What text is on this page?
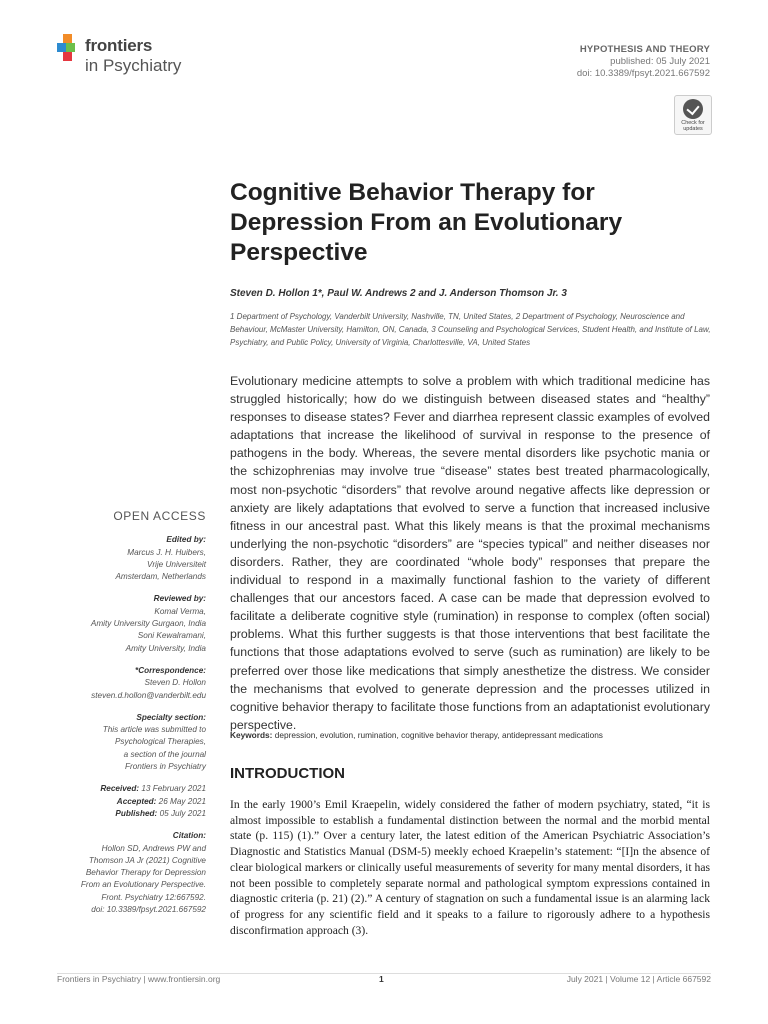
frontiers
in Psychiatry
HYPOTHESIS AND THEORY
published: 05 July 2021
doi: 10.3389/fpsyt.2021.667592
Check for updates
Cognitive Behavior Therapy for Depression From an Evolutionary Perspective
Steven D. Hollon 1*, Paul W. Andrews 2 and J. Anderson Thomson Jr. 3
1 Department of Psychology, Vanderbilt University, Nashville, TN, United States, 2 Department of Psychology, Neuroscience and Behaviour, McMaster University, Hamilton, ON, Canada, 3 Counseling and Psychological Services, Student Health, and Institute of Law, Psychiatry, and Public Policy, University of Virginia, Charlottesville, VA, United States
Evolutionary medicine attempts to solve a problem with which traditional medicine has struggled historically; how do we distinguish between diseased states and “healthy” responses to disease states? Fever and diarrhea represent classic examples of evolved adaptations that increase the likelihood of survival in response to the presence of pathogens in the body. Whereas, the severe mental disorders like psychotic mania or the schizophrenias may involve true “disease” states best treated pharmacologically, most non-psychotic “disorders” that revolve around negative affects like depression or anxiety are likely adaptations that evolved to serve a function that increased inclusive fitness in our ancestral past. What this likely means is that the proximal mechanisms underlying the non-psychotic “disorders” are “species typical” and neither diseases nor disorders. Rather, they are coordinated “whole body” responses that prepare the individual to respond in a maximally functional fashion to the variety of different challenges that our ancestors faced. A case can be made that depression evolved to facilitate a deliberate cognitive style (rumination) in response to complex (often social) problems. What this further suggests is that those interventions that best facilitate the functions that those adaptations evolved to serve (such as rumination) are likely to be preferred over those like medications that simply anesthetize the distress. We consider the mechanisms that evolved to generate depression and the processes utilized in cognitive behavior therapy to facilitate those functions from an adaptationist evolutionary perspective.
Keywords: depression, evolution, rumination, cognitive behavior therapy, antidepressant medications
INTRODUCTION
In the early 1900’s Emil Kraepelin, widely considered the father of modern psychiatry, stated, “it is almost impossible to establish a fundamental distinction between the normal and the morbid mental state (p. 115) (1).” Over a century later, the latest edition of the American Psychiatric Association’s Diagnostic and Statistics Manual (DSM-5) meekly echoed Kraepelin’s statement: “[I]n the absence of clear biological markers or clinically useful measurements of severity for many mental disorders, it has not been possible to completely separate normal and pathological symptom expressions contained in diagnostic criteria (p. 21) (2).” A century of stagnation on such a fundamental issue is an alarming lack of progress for any scientific field and it speaks to a failure to rigorously adhere to a hypothesis disconfirmation approach (3).
OPEN ACCESS
Edited by:
Marcus J. H. Huibers,
Vrije Universiteit
Amsterdam, Netherlands
Reviewed by:
Komal Verma,
Amity University Gurgaon, India
Soni Kewalramani,
Amity University, India
*Correspondence:
Steven D. Hollon
steven.d.hollon@vanderbilt.edu
Specialty section:
This article was submitted to
Psychological Therapies,
a section of the journal
Frontiers in Psychiatry
Received: 13 February 2021
Accepted: 26 May 2021
Published: 05 July 2021
Citation:
Hollon SD, Andrews PW and
Thomson JA Jr (2021) Cognitive
Behavior Therapy for Depression
From an Evolutionary Perspective.
Front. Psychiatry 12:667592.
doi: 10.3389/fpsyt.2021.667592
Frontiers in Psychiatry | www.frontiersin.org	1	July 2021 | Volume 12 | Article 667592
